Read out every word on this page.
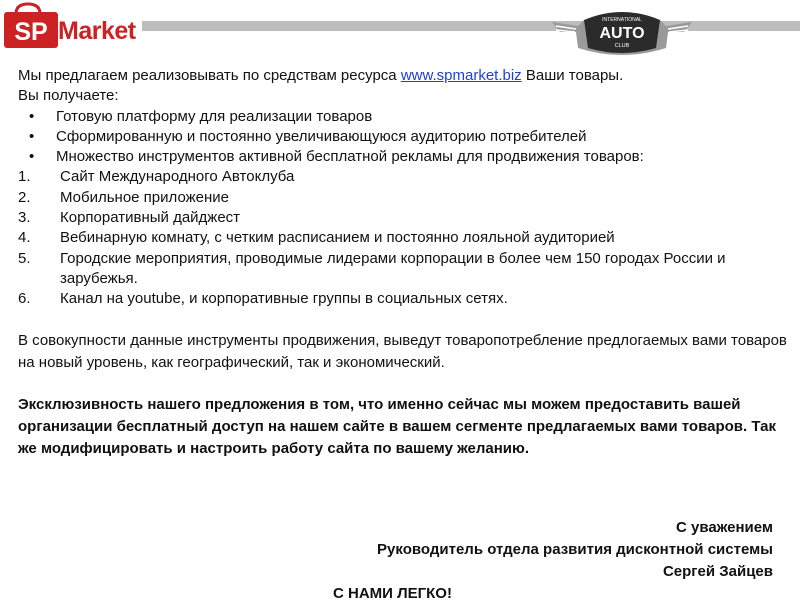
SP Market	INTERNATIONAL
AUTO
CLUB

Мы предлагаем реализовывать по средствам ресурса www.spmarket.biz Ваши товары.

Вы получаете:

• Готовую платформу для реализации товаров
• Сформированную и постоянно увеличивающуюся аудиторию потребителей
• Множество инструментов активной бесплатной рекламы для продвижения товаров:
1.	Сайт Международного Автоклуба
2.	Мобильное приложение
3.	Корпоративный дайджест
4.	Вебинарную комнату, с четким расписанием и постоянно лояльной аудиторией
5.	Городские мероприятия, проводимые лидерами корпорации в более чем 150 городах России и зарубежья.
6.	Канал на youtube, и корпоративные группы в социальных сетях.

В совокупности данные инструменты продвижения, выведут товаропотребление предлогаемых вами товаров на новый уровень, как географический, так и экономический.

Эксклюзивность нашего предложения в том, что именно сейчас мы можем предоставить вашей организации бесплатный доступ на нашем сайте в вашем сегменте предлагаемых вами товаров. Так же модифицировать и настроить работу сайта по вашему желанию.

С уважением
Руководитель отдела развития дисконтной системы
Сергей Зайцев
С НАМИ ЛЕГКО!
